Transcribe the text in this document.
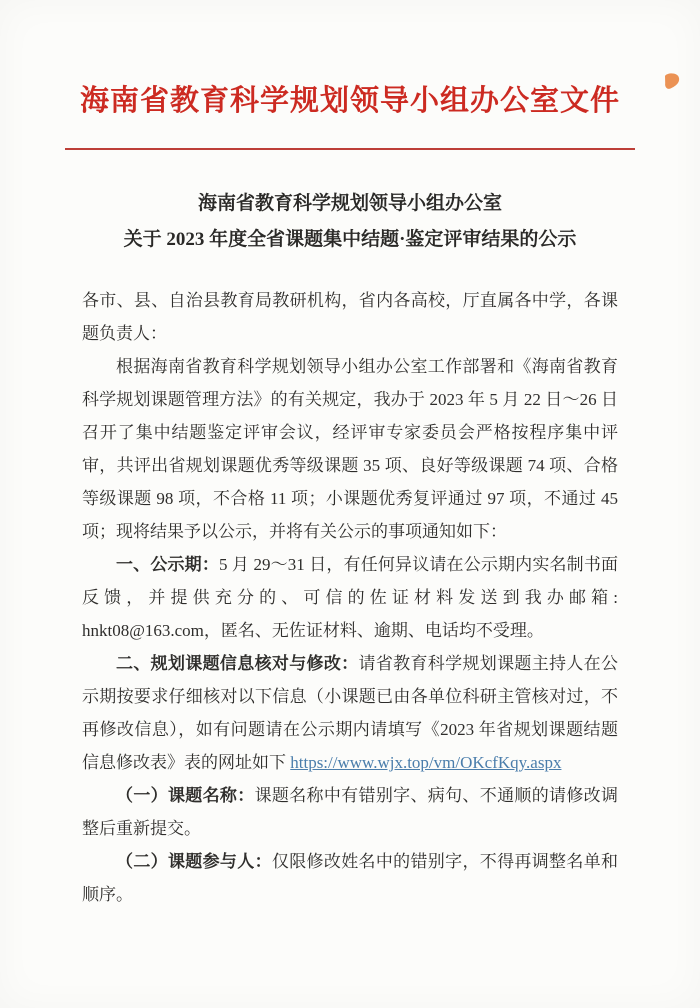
海南省教育科学规划领导小组办公室文件
海南省教育科学规划领导小组办公室
关于 2023 年度全省课题集中结题·鉴定评审结果的公示

各市、县、自治县教育局教研机构，省内各高校，厅直属各中学，各课题负责人：

根据海南省教育科学规划领导小组办公室工作部署和《海南省教育科学规划课题管理方法》的有关规定，我办于 2023 年 5 月 22 日～26 日召开了集中结题鉴定评审会议，经评审专家委员会严格按程序集中评审，共评出省规划课题优秀等级课题 35 项、良好等级课题 74 项、合格等级课题 98 项，不合格 11 项；小课题优秀复评通过 97 项，不通过 45 项；现将结果予以公示，并将有关公示的事项通知如下：

一、公示期：5 月 29～31 日，有任何异议请在公示期内实名制书面反馈，并提供充分的、可信的佐证材料发送到我办邮箱: hnkt08@163.com，匿名、无佐证材料、逾期、电话均不受理。

二、规划课题信息核对与修改：请省教育科学规划课题主持人在公示期按要求仔细核对以下信息（小课题已由各单位科研主管核对过，不再修改信息），如有问题请在公示期内请填写《2023 年省规划课题结题信息修改表》表的网址如下 https://www.wjx.top/vm/OKcfKqy.aspx

（一）课题名称：课题名称中有错别字、病句、不通顺的请修改调整后重新提交。

（二）课题参与人：仅限修改姓名中的错别字，不得再调整名单和顺序。
